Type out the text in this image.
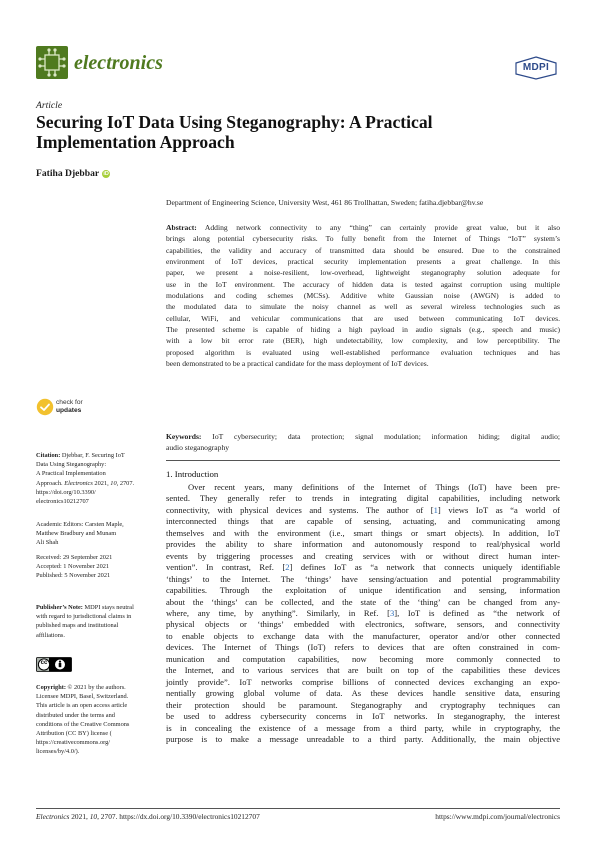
electronics	MDPI
Article
Securing IoT Data Using Steganography: A Practical
Implementation Approach
Fatiha Djebbar iD
Department of Engineering Science, University West, 461 86 Trollhattan, Sweden; fatiha.djebbar@hv.se
Abstract: Adding network connectivity to any “thing” can certainly provide great value, but it also
brings along potential cybersecurity risks. To fully benefit from the Internet of Things “IoT” system’s
capabilities, the validity and accuracy of transmitted data should be ensured. Due to the constrained
environment of IoT devices, practical security implementation presents a great challenge. In this
paper, we present a noise-resilient, low-overhead, lightweight steganography solution adequate for
use in the IoT environment. The accuracy of hidden data is tested against corruption using multiple
modulations and coding schemes (MCSs). Additive white Gaussian noise (AWGN) is added to
the modulated data to simulate the noisy channel as well as several wireless technologies such as
cellular, WiFi, and vehicular communications that are used between communicating IoT devices.
The presented scheme is capable of hiding a high payload in audio signals (e.g., speech and music)
with a low bit error rate (BER), high undetectability, low complexity, and low perceptibility. The
proposed algorithm is evaluated using well-established performance evaluation techniques and has
been demonstrated to be a practical candidate for the mass deployment of IoT devices.
Keywords: IoT cybersecurity; data protection; signal modulation; information hiding; digital audio;
audio steganography
1. Introduction
Over recent years, many definitions of the Internet of Things (IoT) have been pre-
sented. They generally refer to trends in integrating digital capabilities, including network
connectivity, with physical devices and systems. The author of [1] views IoT as “a world of
interconnected things that are capable of sensing, actuating, and communicating among
themselves and with the environment (i.e., smart things or smart objects). In addition, IoT
provides the ability to share information and autonomously respond to real/physical world
events by triggering processes and creating services with or without direct human inter-
vention”. In contrast, Ref. [2] defines IoT as “a network that connects uniquely identifiable
‘things’ to the Internet. The ‘things’ have sensing/actuation and potential programmability
capabilities. Through the exploitation of unique identification and sensing, information
about the ‘things’ can be collected, and the state of the ‘thing’ can be changed from any-
where, any time, by anything”. Similarly, in Ref. [3], IoT is defined as “the network of
physical objects or ‘things’ embedded with electronics, software, sensors, and connectivity
to enable objects to exchange data with the manufacturer, operator and/or other connected
devices. The Internet of Things (IoT) refers to devices that are often constrained in com-
munication and computation capabilities, now becoming more commonly connected to
the Internet, and to various services that are built on top of the capabilities these devices
jointly provide”. IoT networks comprise billions of connected devices exchanging an expo-
nentially growing global volume of data. As these devices handle sensitive data, ensuring
their protection should be paramount. Steganography and cryptography techniques can
be used to address cybersecurity concerns in IoT networks. In steganography, the interest
is in concealing the existence of a message from a third party, while in cryptography, the
purpose is to make a message unreadable to a third party. Additionally, the main objective
check for
updates
Citation: Djebbar, F. Securing IoT
Data Using Steganography:
A Practical Implementation
Approach. Electronics 2021, 10, 2707.
https://doi.org/10.3390/
electronics10212707
Academic Editors: Carsten Maple,
Matthew Bradbury and Munam
Ali Shah
Received: 29 September 2021
Accepted: 1 November 2021
Published: 5 November 2021
Publisher’s Note: MDPI stays neutral
with regard to jurisdictional claims in
published maps and institutional
affiliations.
cc
Copyright: © 2021 by the authors.
Licensee MDPI, Basel, Switzerland.
This article is an open access article
distributed under the terms and
conditions of the Creative Commons
Attribution (CC BY) license (
https://creativecommons.org/
licenses/by/4.0/).
Electronics 2021, 10, 2707. https://dx.doi.org/10.3390/electronics10212707	https://www.mdpi.com/journal/electronics
